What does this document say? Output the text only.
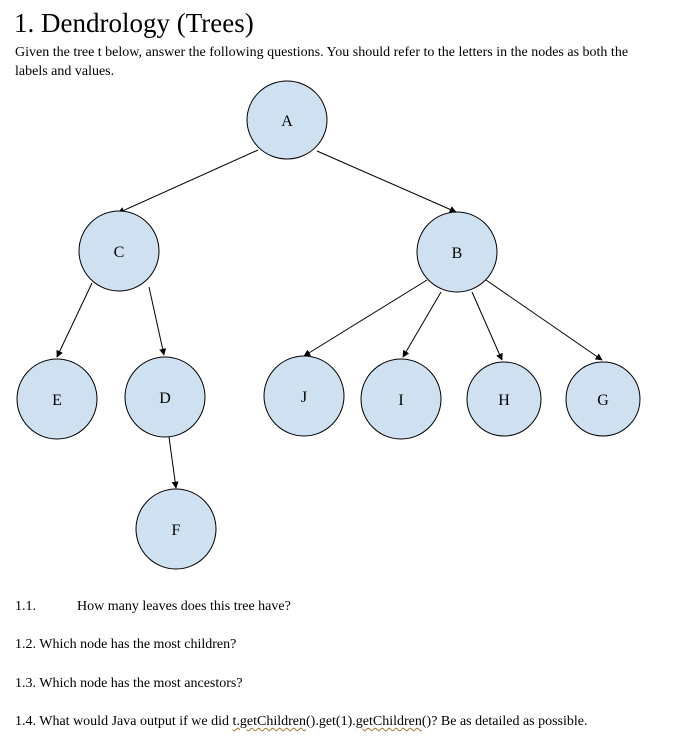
1. Dendrology (Trees)
Given the tree t below, answer the following questions. You should refer to the letters in the nodes as both the labels and values.
A
C	B
E	D	J	I	H	G
F
1.1.	How many leaves does this tree have?
1.2. Which node has the most children?
1.3. Which node has the most ancestors?
1.4. What would Java output if we did t.getChildren().get(1).getChildren()? Be as detailed as possible.
